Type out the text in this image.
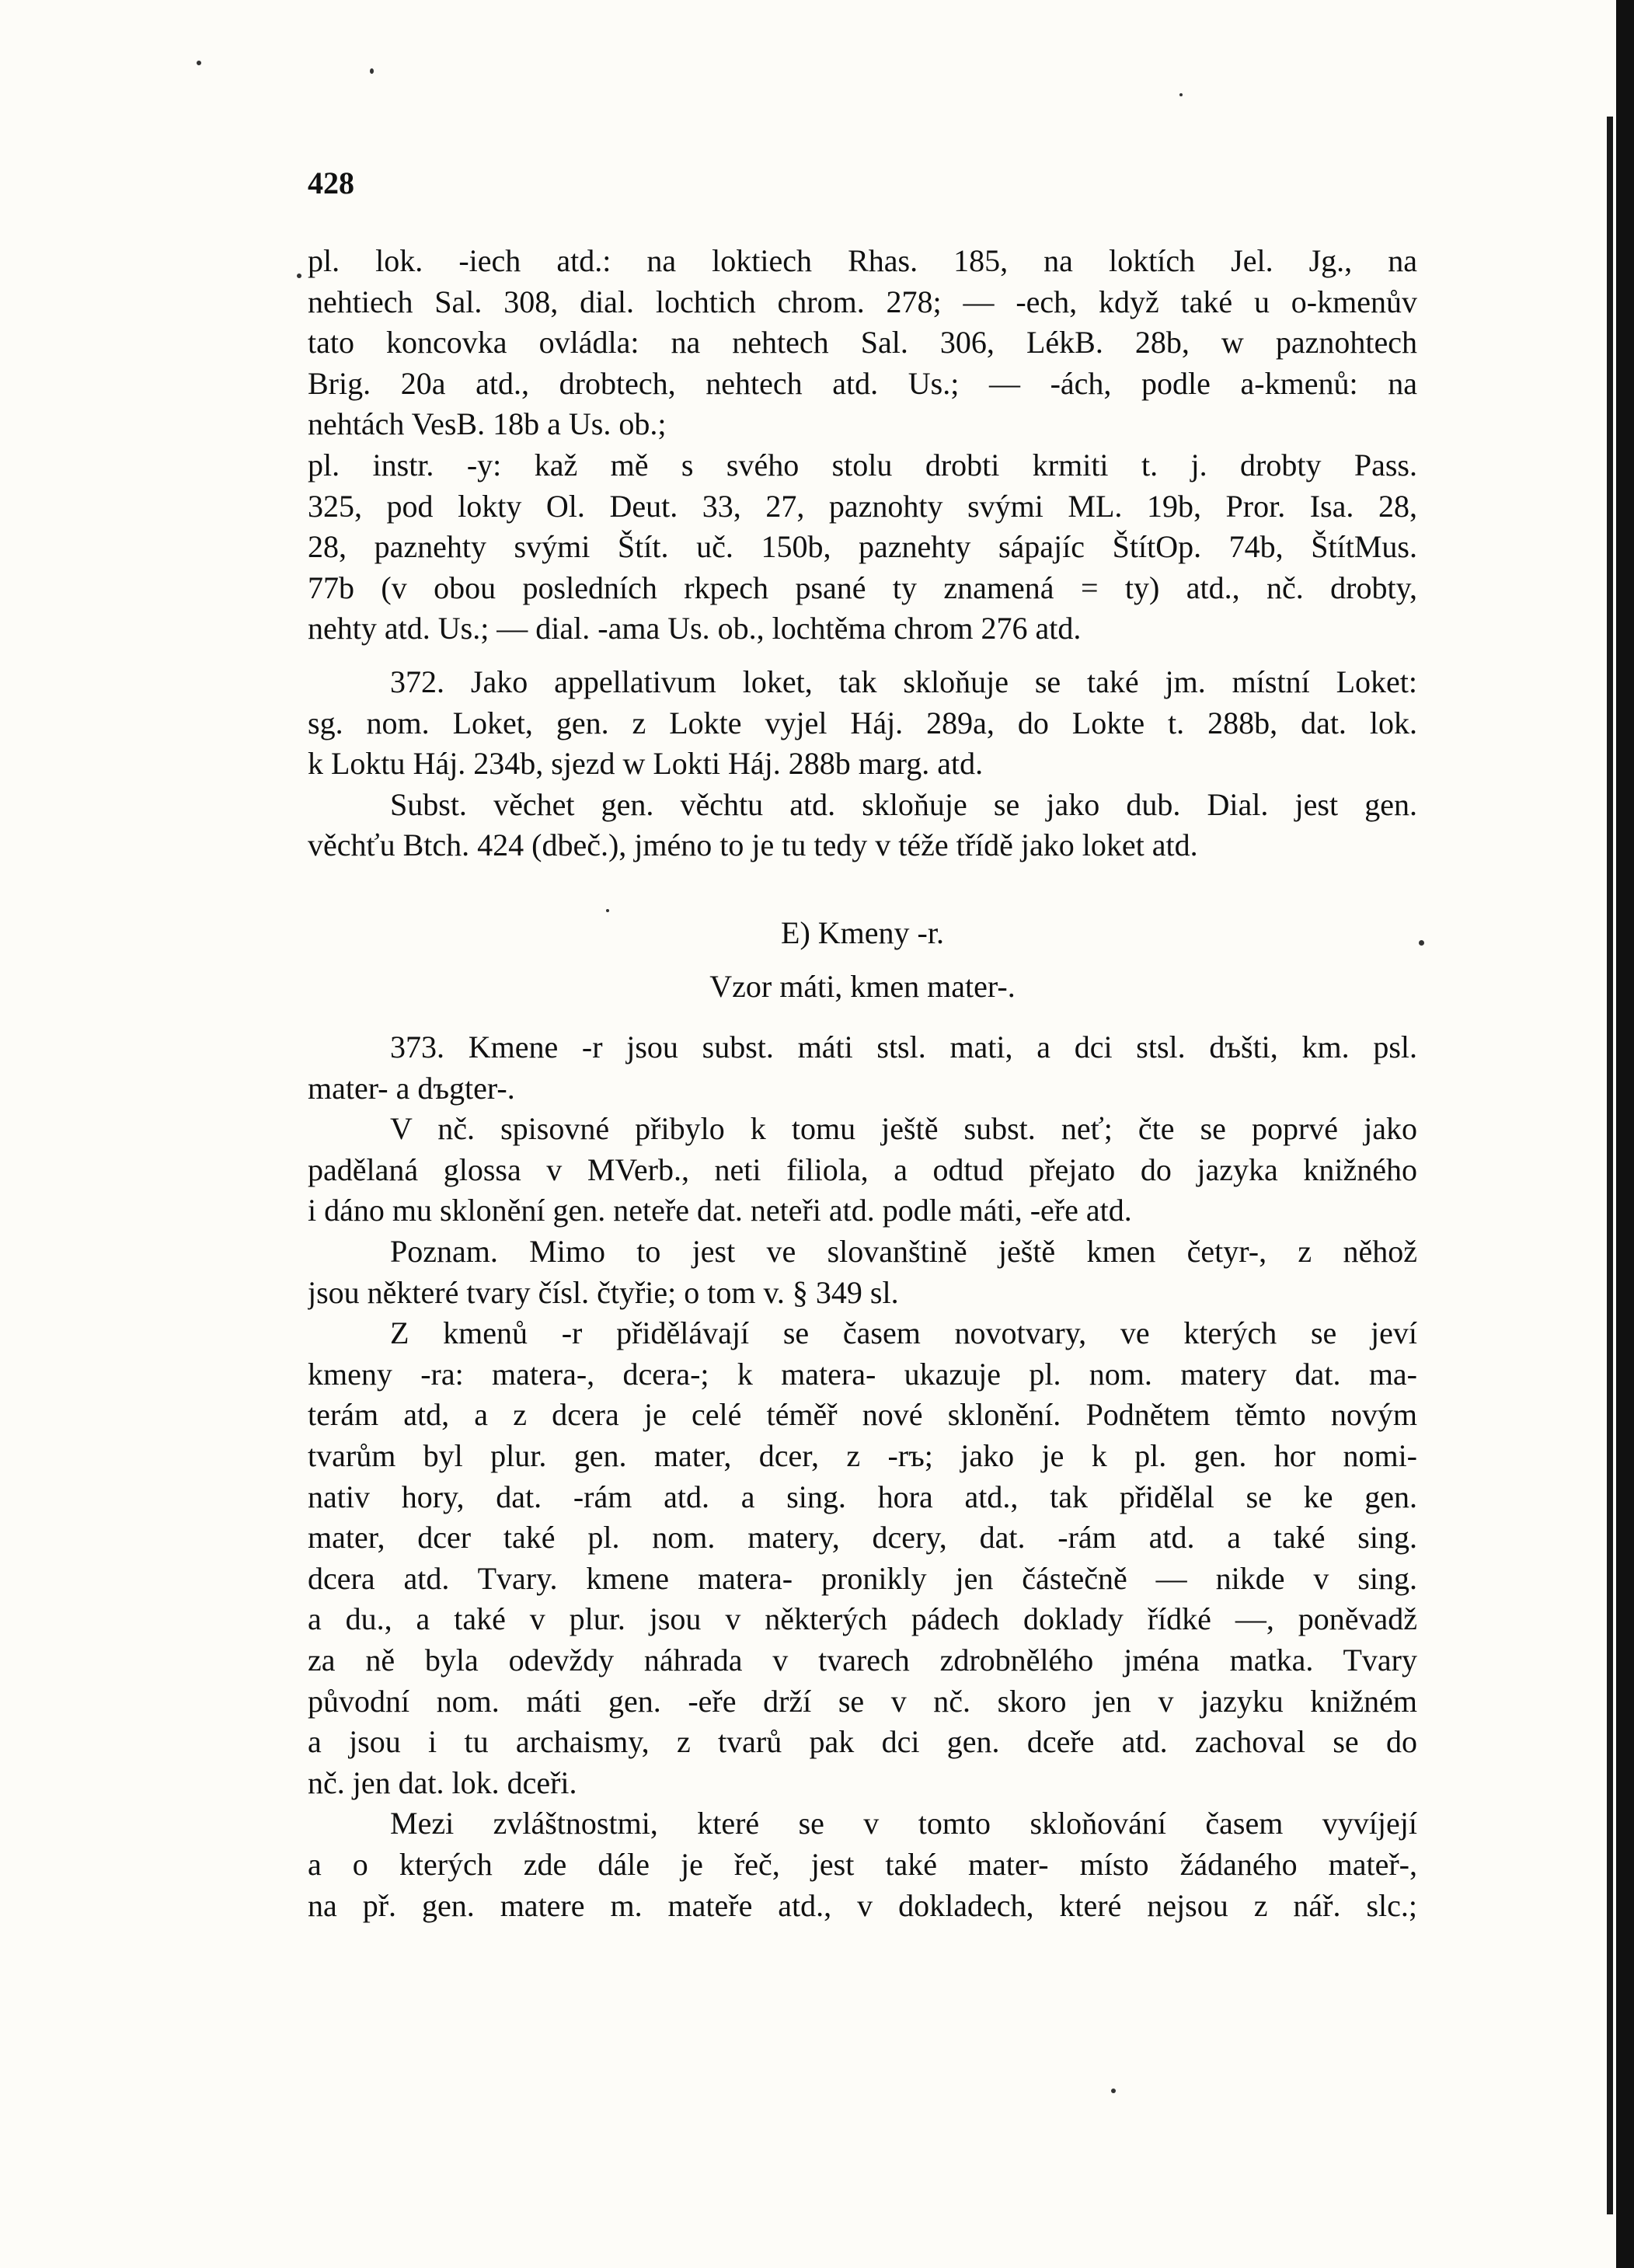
428
pl. lok. -iech atd.: na loktiech Rhas. 185, na loktích Jel. Jg., na
nehtiech Sal. 308, dial. lochtich chrom. 278; — -ech, když také u o-kmenův
tato koncovka ovládla: na nehtech Sal. 306, LékB. 28b, w paznohtech
Brig. 20a atd., drobtech, nehtech atd. Us.; — -ách, podle a-kmenů: na
nehtách VesB. 18b a Us. ob.;
pl. instr. -y: kaž mě s svého stolu drobti krmiti t. j. drobty Pass.
325, pod lokty Ol. Deut. 33, 27, paznohty svými ML. 19b, Pror. Isa. 28,
28, paznehty svými Štít. uč. 150b, paznehty sápajíc ŠtítOp. 74b, ŠtítMus.
77b (v obou posledních rkpech psané ty znamená = ty) atd., nč. drobty,
nehty atd. Us.; — dial. -ama Us. ob., lochtěma chrom 276 atd.
372. Jako appellativum loket, tak skloňuje se také jm. místní Loket:
sg. nom. Loket, gen. z Lokte vyjel Háj. 289a, do Lokte t. 288b, dat. lok.
k Loktu Háj. 234b, sjezd w Lokti Háj. 288b marg. atd.
Subst. věchet gen. věchtu atd. skloňuje se jako dub. Dial. jest gen.
věchťu Btch. 424 (dbeč.), jméno to je tu tedy v téže třídě jako loket atd.
E) Kmeny -r.
Vzor máti, kmen mater-.
373. Kmene -r jsou subst. máti stsl. mati, a dci stsl. dъšti, km. psl.
mater- a dъgter-.
V nč. spisovné přibylo k tomu ještě subst. neť; čte se poprvé jako
padělaná glossa v MVerb., neti filiola, a odtud přejato do jazyka knižného
i dáno mu sklonění gen. neteře dat. neteři atd. podle máti, -eře atd.
Poznam. Mimo to jest ve slovanštině ještě kmen četyr-, z něhož
jsou některé tvary čísl. čtyřie; o tom v. § 349 sl.
Z kmenů -r přidělávají se časem novotvary, ve kterých se jeví
kmeny -ra: matera-, dcera-; k matera- ukazuje pl. nom. matery dat. ma-
terám atd, a z dcera je celé téměř nové sklonění. Podnětem těmto novým
tvarům byl plur. gen. mater, dcer, z -rъ; jako je k pl. gen. hor nomi-
nativ hory, dat. -rám atd. a sing. hora atd., tak přidělal se ke gen.
mater, dcer také pl. nom. matery, dcery, dat. -rám atd. a také sing.
dcera atd. Tvary. kmene matera- pronikly jen částečně — nikde v sing.
a du., a také v plur. jsou v některých pádech doklady řídké —, poněvadž
za ně byla odevždy náhrada v tvarech zdrobnělého jména matka. Tvary
původní nom. máti gen. -eře drží se v nč. skoro jen v jazyku knižném
a jsou i tu archaismy, z tvarů pak dci gen. dceře atd. zachoval se do
nč. jen dat. lok. dceři.
Mezi zvláštnostmi, které se v tomto skloňování časem vyvíjejí
a o kterých zde dále je řeč, jest také mater- místo žádaného mateř-,
na př. gen. matere m. mateře atd., v dokladech, které nejsou z nář. slc.;
